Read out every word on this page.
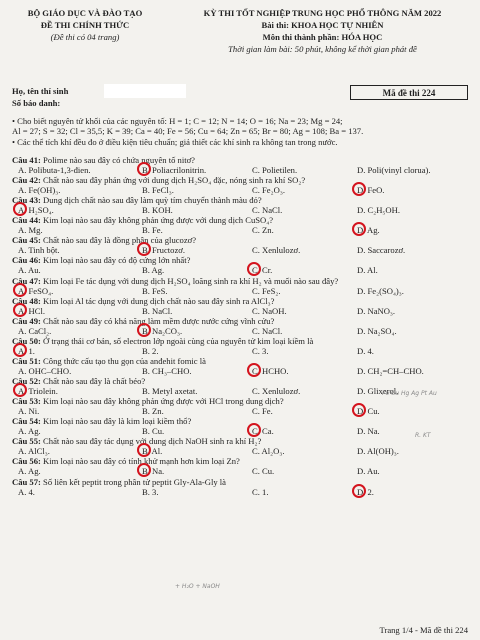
BỘ GIÁO DỤC VÀ ĐÀO TẠO
ĐỀ THI CHÍNH THỨC
(Đề thi có 04 trang)
KỲ THI TỐT NGHIỆP TRUNG HỌC PHỔ THÔNG NĂM 2022
Bài thi: KHOA HỌC TỰ NHIÊN
Môn thi thành phần: HÓA HỌC
Thời gian làm bài: 50 phút, không kể thời gian phát đề
Họ, tên thí sinh
Số báo danh:
Mã đề thi 224
• Cho biết nguyên tử khối của các nguyên tố: H = 1; C = 12; N = 14; O = 16; Na = 23; Mg = 24;
Al = 27; S = 32; Cl = 35,5; K = 39; Ca = 40; Fe = 56; Cu = 64; Zn = 65; Br = 80; Ag = 108; Ba = 137.
• Các thể tích khí đều đo ở điều kiện tiêu chuẩn; giả thiết các khí sinh ra không tan trong nước.
Câu 41: Polime nào sau đây có chứa nguyên tố nitơ?
A. Polibuta-1,3-đien.	B. Poliacrilonitrin.	C. Polietilen.	D. Poli(vinyl clorua).
Câu 42: Chất nào sau đây phản ứng với dung dịch H₂SO₄ đặc, nóng sinh ra khí SO₂?
A. Fe(OH)₃.	B. FeCl₃.	C. Fe₂O₃.	D. FeO.
Câu 43: Dung dịch chất nào sau đây làm quỳ tím chuyển thành màu đỏ?
A. H₂SO₄.	B. KOH.	C. NaCl.	D. C₂H₅OH.
Câu 44: Kim loại nào sau đây không phản ứng được với dung dịch CuSO₄?
A. Mg.	B. Fe.	C. Zn.	D. Ag.
Câu 45: Chất nào sau đây là đồng phân của glucozơ?
A. Tinh bột.	B. Fructozơ.	C. Xenlulozơ.	D. Saccarozơ.
Câu 46: Kim loại nào sau đây có độ cứng lớn nhất?
A. Au.	B. Ag.	C. Cr.	D. Al.
Câu 47: Kim loại Fe tác dụng với dung dịch H₂SO₄ loãng sinh ra khí H₂ và muối nào sau đây?
A. FeSO₄.	B. FeS.	C. FeS₂.	D. Fe₂(SO₄)₃.
Câu 48: Kim loại Al tác dụng với dung dịch chất nào sau đây sinh ra AlCl₃?
A. HCl.	B. NaCl.	C. NaOH.	D. NaNO₃.
Câu 49: Chất nào sau đây có khả năng làm mềm được nước cứng vĩnh cửu?
A. CaCl₂.	B. Na₂CO₃.	C. NaCl.	D. Na₂SO₄.
Câu 50: Ở trạng thái cơ bản, số electron lớp ngoài cùng của nguyên tử kim loại kiềm là
A. 1.	B. 2.	C. 3.	D. 4.
Câu 51: Công thức cấu tạo thu gọn của anđehit fomic là
A. OHC–CHO.	B. CH₃–CHO.	C. HCHO.	D. CH₂=CH–CHO.
Câu 52: Chất nào sau đây là chất béo?
A. Triolein.	B. Metyl axetat.	C. Xenlulozơ.	D. Glixerol.
Câu 53: Kim loại nào sau đây không phản ứng được với HCl trong dung dịch?
A. Ni.	B. Zn.	C. Fe.	D. Cu.
Câu 54: Kim loại nào sau đây là kim loại kiềm thổ?
A. Ag.	B. Cu.	C. Ca.	D. Na.
Câu 55: Chất nào sau đây tác dụng với dung dịch NaOH sinh ra khí H₂?
A. AlCl₃.	B. Al.	C. Al₂O₃.	D. Al(OH)₃.
Câu 56: Kim loại nào sau đây có tính khử mạnh hơn kim loại Zn?
A. Ag.	B. Na.	C. Cu.	D. Au.
Câu 57: Số liên kết peptit trong phân tử peptit Gly-Ala-Gly là
A. 4.	B. 3.	C. 1.	D. 2.
Fe Cu Hg Ag Pt Au
R. KT
+ H₂O + NaOH
Trang 1/4 - Mã đề thi 224
